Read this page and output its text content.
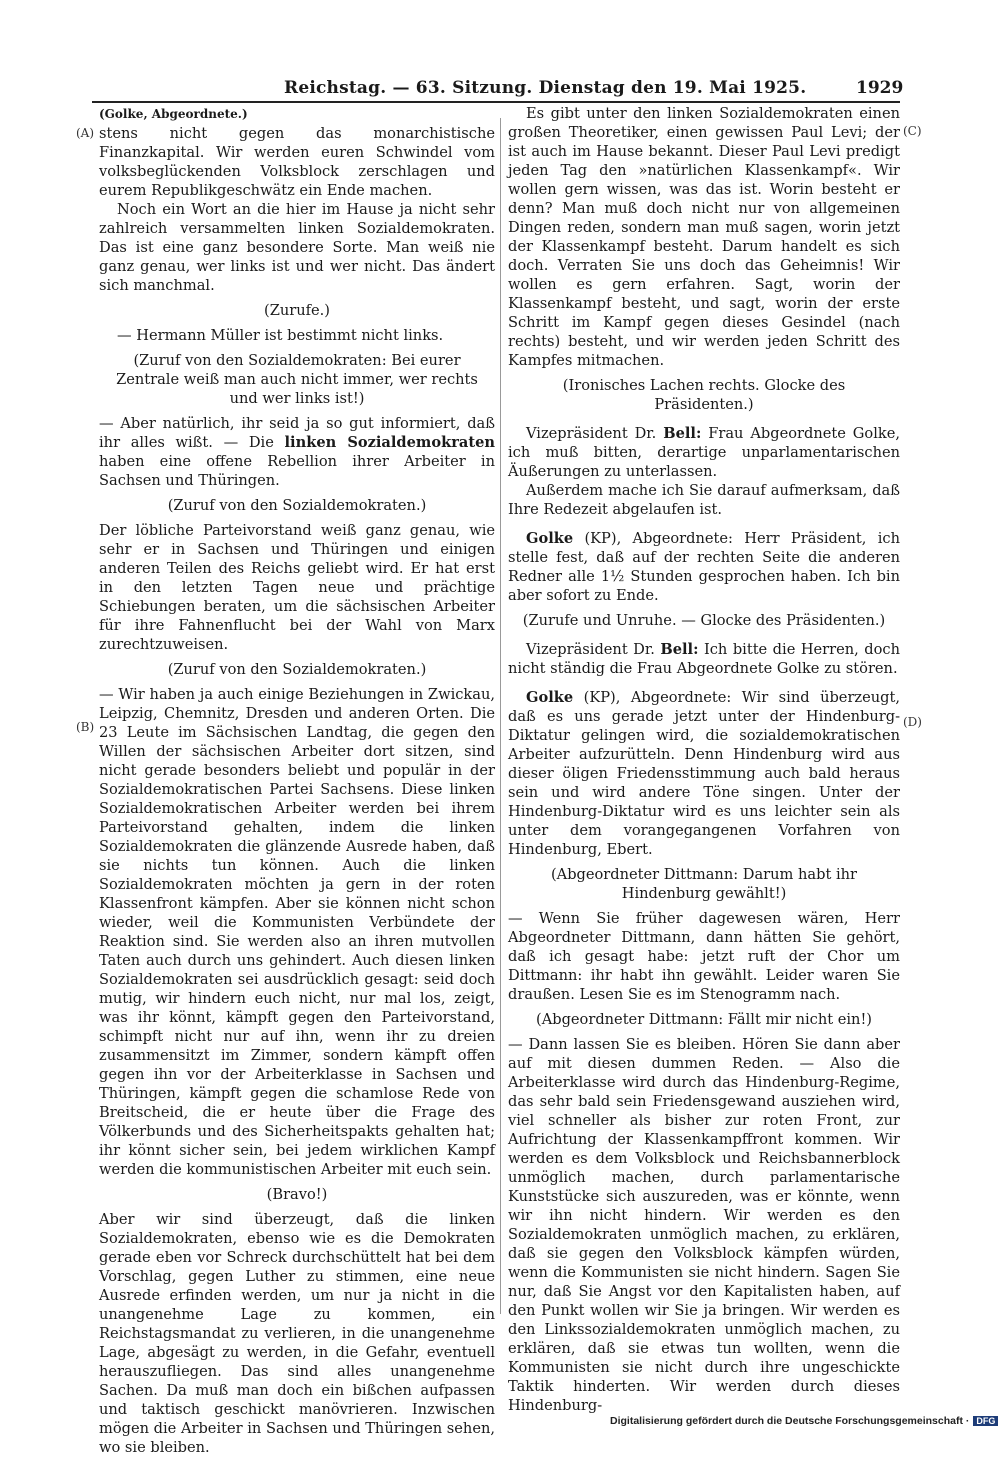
Reichstag. — 63. Sitzung. Dienstag den 19. Mai 1925.	1929
(A)
(B)
(C)
(D)

(Golke, Abgeordnete.)

stens nicht gegen das monarchistische Finanzkapital. Wir werden euren Schwindel vom volksbeglückenden Volksblock zerschlagen und eurem Republikgeschwätz ein Ende machen.

Noch ein Wort an die hier im Hause ja nicht sehr zahlreich versammelten linken Sozialdemokraten. Das ist eine ganz besondere Sorte. Man weiß nie ganz genau, wer links ist und wer nicht. Das ändert sich manchmal.

(Zurufe.)

— Hermann Müller ist bestimmt nicht links.

(Zuruf von den Sozialdemokraten: Bei eurer Zentrale weiß man auch nicht immer, wer rechts und wer links ist!)

— Aber natürlich, ihr seid ja so gut informiert, daß ihr alles wißt. — Die linken Sozialdemokraten haben eine offene Rebellion ihrer Arbeiter in Sachsen und Thüringen.

(Zuruf von den Sozialdemokraten.)

Der löbliche Parteivorstand weiß ganz genau, wie sehr er in Sachsen und Thüringen und einigen anderen Teilen des Reichs geliebt wird. Er hat erst in den letzten Tagen neue und prächtige Schiebungen beraten, um die sächsischen Arbeiter für ihre Fahnenflucht bei der Wahl von Marx zurechtzuweisen.

(Zuruf von den Sozialdemokraten.)

— Wir haben ja auch einige Beziehungen in Zwickau, Leipzig, Chemnitz, Dresden und anderen Orten. Die 23 Leute im Sächsischen Landtag, die gegen den Willen der sächsischen Arbeiter dort sitzen, sind nicht gerade besonders beliebt und populär in der Sozialdemokratischen Partei Sachsens. Diese linken Sozialdemokratischen Arbeiter werden bei ihrem Parteivorstand gehalten, indem die linken Sozialdemokraten die glänzende Ausrede haben, daß sie nichts tun können. Auch die linken Sozialdemokraten möchten ja gern in der roten Klassenfront kämpfen. Aber sie können nicht schon wieder, weil die Kommunisten Verbündete der Reaktion sind. Sie werden also an ihren mutvollen Taten auch durch uns gehindert. Auch diesen linken Sozialdemokraten sei ausdrücklich gesagt: seid doch mutig, wir hindern euch nicht, nur mal los, zeigt, was ihr könnt, kämpft gegen den Parteivorstand, schimpft nicht nur auf ihn, wenn ihr zu dreien zusammensitzt im Zimmer, sondern kämpft offen gegen ihn vor der Arbeiterklasse in Sachsen und Thüringen, kämpft gegen die schamlose Rede von Breitscheid, die er heute über die Frage des Völkerbunds und des Sicherheitspakts gehalten hat; ihr könnt sicher sein, bei jedem wirklichen Kampf werden die kommunistischen Arbeiter mit euch sein.

(Bravo!)

Aber wir sind überzeugt, daß die linken Sozialdemokraten, ebenso wie es die Demokraten gerade eben vor Schreck durchschüttelt hat bei dem Vorschlag, gegen Luther zu stimmen, eine neue Ausrede erfinden werden, um nur ja nicht in die unangenehme Lage zu kommen, ein Reichstagsmandat zu verlieren, in die unangenehme Lage, abgesägt zu werden, in die Gefahr, eventuell herauszufliegen. Das sind alles unangenehme Sachen. Da muß man doch ein bißchen aufpassen und taktisch geschickt manövrieren. Inzwischen mögen die Arbeiter in Sachsen und Thüringen sehen, wo sie bleiben.

Es gibt unter den linken Sozialdemokraten einen großen Theoretiker, einen gewissen Paul Levi; der ist auch im Hause bekannt. Dieser Paul Levi predigt jeden Tag den »natürlichen Klassenkampf«. Wir wollen gern wissen, was das ist. Worin besteht er denn? Man muß doch nicht nur von allgemeinen Dingen reden, sondern man muß sagen, worin jetzt der Klassenkampf besteht. Darum handelt es sich doch. Verraten Sie uns doch das Geheimnis! Wir wollen es gern erfahren. Sagt, worin der Klassenkampf besteht, und sagt, worin der erste Schritt im Kampf gegen dieses Gesindel (nach rechts) besteht, und wir werden jeden Schritt des Kampfes mitmachen.

(Ironisches Lachen rechts. Glocke des Präsidenten.)

Vizepräsident Dr. Bell: Frau Abgeordnete Golke, ich muß bitten, derartige unparlamentarischen Äußerungen zu unterlassen.

Außerdem mache ich Sie darauf aufmerksam, daß Ihre Redezeit abgelaufen ist.

Golke (KP), Abgeordnete: Herr Präsident, ich stelle fest, daß auf der rechten Seite die anderen Redner alle 1½ Stunden gesprochen haben. Ich bin aber sofort zu Ende.

(Zurufe und Unruhe. — Glocke des Präsidenten.)

Vizepräsident Dr. Bell: Ich bitte die Herren, doch nicht ständig die Frau Abgeordnete Golke zu stören.

Golke (KP), Abgeordnete: Wir sind überzeugt, daß es uns gerade jetzt unter der Hindenburg-Diktatur gelingen wird, die sozialdemokratischen Arbeiter aufzurütteln. Denn Hindenburg wird aus dieser öligen Friedensstimmung auch bald heraus sein und wird andere Töne singen. Unter der Hindenburg-Diktatur wird es uns leichter sein als unter dem vorangegangenen Vorfahren von Hindenburg, Ebert.

(Abgeordneter Dittmann: Darum habt ihr Hindenburg gewählt!)

— Wenn Sie früher dagewesen wären, Herr Abgeordneter Dittmann, dann hätten Sie gehört, daß ich gesagt habe: jetzt ruft der Chor um Dittmann: ihr habt ihn gewählt. Leider waren Sie draußen. Lesen Sie es im Stenogramm nach.

(Abgeordneter Dittmann: Fällt mir nicht ein!)

— Dann lassen Sie es bleiben. Hören Sie dann aber auf mit diesen dummen Reden. — Also die Arbeiterklasse wird durch das Hindenburg-Regime, das sehr bald sein Friedensgewand ausziehen wird, viel schneller als bisher zur roten Front, zur Aufrichtung der Klassenkampffront kommen. Wir werden es dem Volksblock und Reichsbannerblock unmöglich machen, durch parlamentarische Kunststücke sich auszureden, was er könnte, wenn wir ihn nicht hindern. Wir werden es den Sozialdemokraten unmöglich machen, zu erklären, daß sie gegen den Volksblock kämpfen würden, wenn die Kommunisten sie nicht hindern. Sagen Sie nur, daß Sie Angst vor den Kapitalisten haben, auf den Punkt wollen wir Sie ja bringen. Wir werden es den Linkssozialdemokraten unmöglich machen, zu erklären, daß sie etwas tun wollten, wenn die Kommunisten sie nicht durch ihre ungeschickte Taktik hinderten. Wir werden durch dieses Hindenburg-

Digitalisierung gefördert durch die Deutsche Forschungsgemeinschaft · DFG
